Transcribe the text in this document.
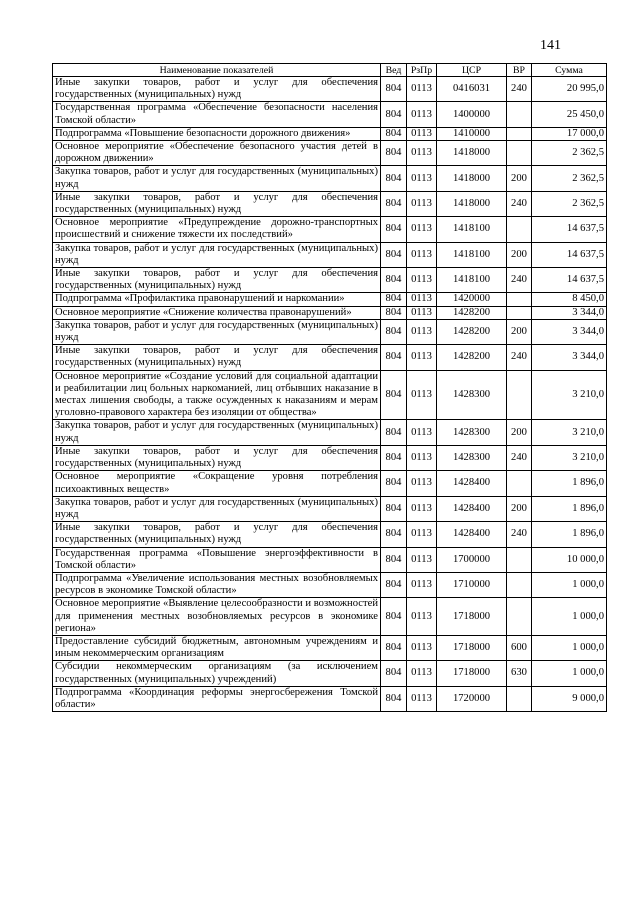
141
Наименование показателей	Вед	РзПр	ЦСР	ВР	Сумма
Иные закупки товаров, работ и услуг для обеспечения государственных (муниципальных) нужд	804	0113	0416031	240	20 995,0
Государственная программа «Обеспечение безопасности населения Томской области»	804	0113	1400000		25 450,0
Подпрограмма «Повышение безопасности дорожного движения»	804	0113	1410000		17 000,0
Основное мероприятие «Обеспечение безопасного участия детей в дорожном движении»	804	0113	1418000		2 362,5
Закупка товаров, работ и услуг для государственных (муниципальных) нужд	804	0113	1418000	200	2 362,5
Иные закупки товаров, работ и услуг для обеспечения государственных (муниципальных) нужд	804	0113	1418000	240	2 362,5
Основное мероприятие «Предупреждение дорожно-транспортных происшествий и снижение тяжести их последствий»	804	0113	1418100		14 637,5
Закупка товаров, работ и услуг для государственных (муниципальных) нужд	804	0113	1418100	200	14 637,5
Иные закупки товаров, работ и услуг для обеспечения государственных (муниципальных) нужд	804	0113	1418100	240	14 637,5
Подпрограмма «Профилактика правонарушений и наркомании»	804	0113	1420000		8 450,0
Основное мероприятие «Снижение количества правонарушений»	804	0113	1428200		3 344,0
Закупка товаров, работ и услуг для государственных (муниципальных) нужд	804	0113	1428200	200	3 344,0
Иные закупки товаров, работ и услуг для обеспечения государственных (муниципальных) нужд	804	0113	1428200	240	3 344,0
Основное мероприятие «Создание условий для социальной адаптации и реабилитации лиц больных наркоманией, лиц отбывших наказание в местах лишения свободы, а также осужденных к наказаниям и мерам уголовно-правового характера без изоляции от общества»	804	0113	1428300		3 210,0
Закупка товаров, работ и услуг для государственных (муниципальных) нужд	804	0113	1428300	200	3 210,0
Иные закупки товаров, работ и услуг для обеспечения государственных (муниципальных) нужд	804	0113	1428300	240	3 210,0
Основное мероприятие «Сокращение уровня потребления психоактивных веществ»	804	0113	1428400		1 896,0
Закупка товаров, работ и услуг для государственных (муниципальных) нужд	804	0113	1428400	200	1 896,0
Иные закупки товаров, работ и услуг для обеспечения государственных (муниципальных) нужд	804	0113	1428400	240	1 896,0
Государственная программа «Повышение энергоэффективности в Томской области»	804	0113	1700000		10 000,0
Подпрограмма «Увеличение использования местных возобновляемых ресурсов в экономике Томской области»	804	0113	1710000		1 000,0
Основное мероприятие «Выявление целесообразности и возможностей для применения местных возобновляемых ресурсов в экономике региона»	804	0113	1718000		1 000,0
Предоставление субсидий бюджетным, автономным учреждениям и иным некоммерческим организациям	804	0113	1718000	600	1 000,0
Субсидии некоммерческим организациям (за исключением государственных (муниципальных) учреждений)	804	0113	1718000	630	1 000,0
Подпрограмма «Координация реформы энергосбережения Томской области»	804	0113	1720000		9 000,0
